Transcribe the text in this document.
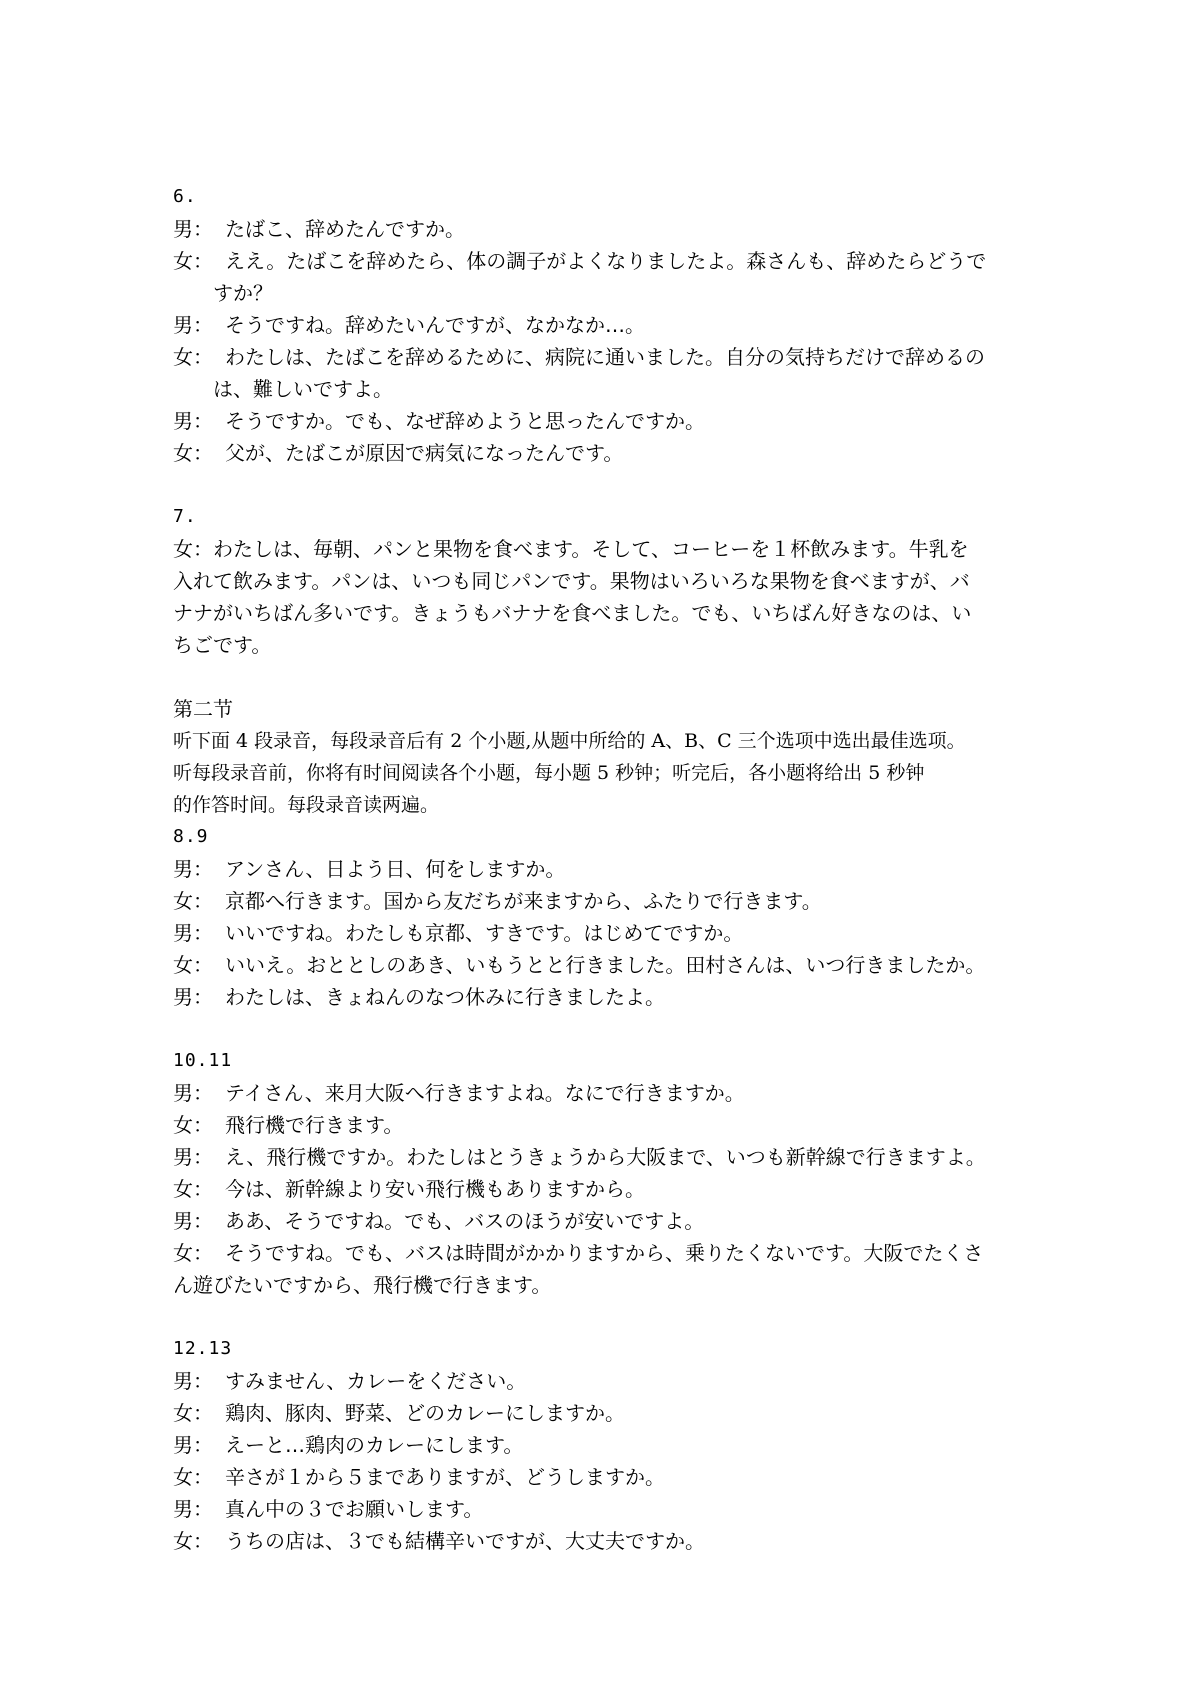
6.
男： たばこ、辞めたんですか。
女： ええ。たばこを辞めたら、体の調子がよくなりましたよ。森さんも、辞めたらどうで
すか？
男： そうですね。辞めたいんですが、なかなか…。
女： わたしは、たばこを辞めるために、病院に通いました。自分の気持ちだけで辞めるの
は、難しいですよ。
男： そうですか。でも、なぜ辞めようと思ったんですか。
女： 父が、たばこが原因で病気になったんです。
7.
女：わたしは、毎朝、パンと果物を食べます。そして、コーヒーを１杯飲みます。牛乳を
入れて飲みます。パンは、いつも同じパンです。果物はいろいろな果物を食べますが、バ
ナナがいちばん多いです。きょうもバナナを食べました。でも、いちばん好きなのは、い
ちごです。
第二节
听下面 4 段录音，每段录音后有 2 个小题,从题中所给的 A、B、C 三个选项中选出最佳选项。
听每段录音前，你将有时间阅读各个小题，每小题 5 秒钟；听完后，各小题将给出 5 秒钟
的作答时间。每段录音读两遍。
8.9
男： アンさん、日よう日、何をしますか。
女： 京都へ行きます。国から友だちが来ますから、ふたりで行きます。
男： いいですね。わたしも京都、すきです。はじめてですか。
女： いいえ。おととしのあき、いもうとと行きました。田村さんは、いつ行きましたか。
男： わたしは、きょねんのなつ休みに行きましたよ。
10.11
男： テイさん、来月大阪へ行きますよね。なにで行きますか。
女： 飛行機で行きます。
男： え、飛行機ですか。わたしはとうきょうから大阪まで、いつも新幹線で行きますよ。
女： 今は、新幹線より安い飛行機もありますから。
男： ああ、そうですね。でも、バスのほうが安いですよ。
女： そうですね。でも、バスは時間がかかりますから、乗りたくないです。大阪でたくさ
ん遊びたいですから、飛行機で行きます。
12.13
男： すみません、カレーをください。
女： 鶏肉、豚肉、野菜、どのカレーにしますか。
男： えーと…鶏肉のカレーにします。
女： 辛さが１から５までありますが、どうしますか。
男： 真ん中の３でお願いします。
女： うちの店は、３でも結構辛いですが、大丈夫ですか。
